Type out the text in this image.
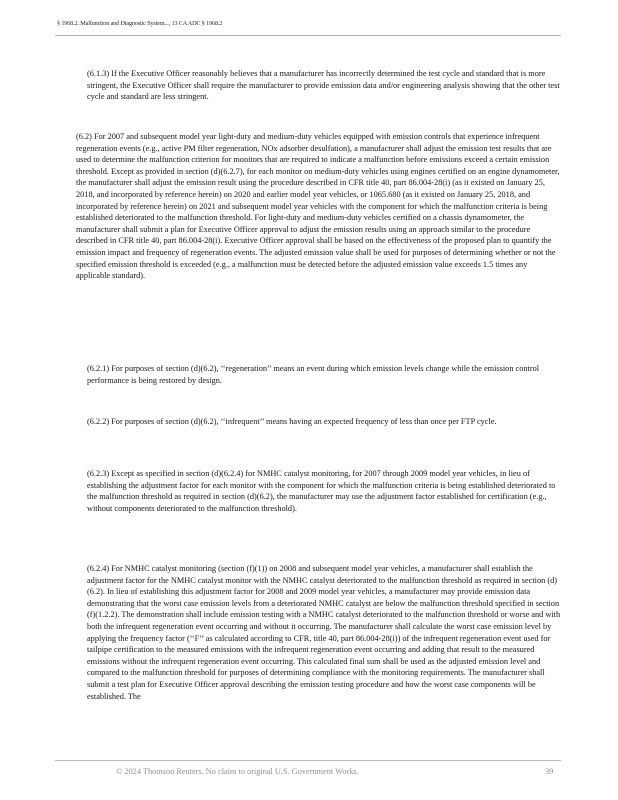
§ 1968.2. Malfunction and Diagnostic System..., 13 CA ADC § 1968.2

(6.1.3) If the Executive Officer reasonably believes that a manufacturer has incorrectly determined the test cycle and standard that is more stringent, the Executive Officer shall require the manufacturer to provide emission data and/or engineering analysis showing that the other test cycle and standard are less stringent.

(6.2) For 2007 and subsequent model year light-duty and medium-duty vehicles equipped with emission controls that experience infrequent regeneration events (e.g., active PM filter regeneration, NOx adsorber desulfation), a manufacturer shall adjust the emission test results that are used to determine the malfunction criterion for monitors that are required to indicate a malfunction before emissions exceed a certain emission threshold. Except as provided in section (d)(6.2.7), for each monitor on medium-duty vehicles using engines certified on an engine dynamometer, the manufacturer shall adjust the emission result using the procedure described in CFR title 40, part 86.004-28(i) (as it existed on January 25, 2018, and incorporated by reference herein) on 2020 and earlier model year vehicles, or 1065.680 (as it existed on January 25, 2018, and incorporated by reference herein) on 2021 and subsequent model year vehicles with the component for which the malfunction criteria is being established deteriorated to the malfunction threshold. For light-duty and medium-duty vehicles certified on a chassis dynamometer, the manufacturer shall submit a plan for Executive Officer approval to adjust the emission results using an approach similar to the procedure described in CFR title 40, part 86.004-28(i). Executive Officer approval shall be based on the effectiveness of the proposed plan to quantify the emission impact and frequency of regeneration events. The adjusted emission value shall be used for purposes of determining whether or not the specified emission threshold is exceeded (e.g., a malfunction must be detected before the adjusted emission value exceeds 1.5 times any applicable standard).

(6.2.1) For purposes of section (d)(6.2), ‘‘regeneration’’ means an event during which emission levels change while the emission control performance is being restored by design.

(6.2.2) For purposes of section (d)(6.2), ‘‘infrequent’’ means having an expected frequency of less than once per FTP cycle.

(6.2.3) Except as specified in section (d)(6.2.4) for NMHC catalyst monitoring, for 2007 through 2009 model year vehicles, in lieu of establishing the adjustment factor for each monitor with the component for which the malfunction criteria is being established deteriorated to the malfunction threshold as required in section (d)(6.2), the manufacturer may use the adjustment factor established for certification (e.g., without components deteriorated to the malfunction threshold).

(6.2.4) For NMHC catalyst monitoring (section (f)(1)) on 2008 and subsequent model year vehicles, a manufacturer shall establish the adjustment factor for the NMHC catalyst monitor with the NMHC catalyst deteriorated to the malfunction threshold as required in section (d)(6.2). In lieu of establishing this adjustment factor for 2008 and 2009 model year vehicles, a manufacturer may provide emission data demonstrating that the worst case emission levels from a deteriorated NMHC catalyst are below the malfunction threshold specified in section (f)(1.2.2). The demonstration shall include emission testing with a NMHC catalyst deteriorated to the malfunction threshold or worse and with both the infrequent regeneration event occurring and without it occurring. The manufacturer shall calculate the worst case emission level by applying the frequency factor (‘‘F’’ as calculated according to CFR, title 40, part 86.004-28(i)) of the infrequent regeneration event used for tailpipe certification to the measured emissions with the infrequent regeneration event occurring and adding that result to the measured emissions without the infrequent regeneration event occurring. This calculated final sum shall be used as the adjusted emission level and compared to the malfunction threshold for purposes of determining compliance with the monitoring requirements. The manufacturer shall submit a test plan for Executive Officer approval describing the emission testing procedure and how the worst case components will be established. The

© 2024 Thomson Reuters. No claim to original U.S. Government Works.	39
